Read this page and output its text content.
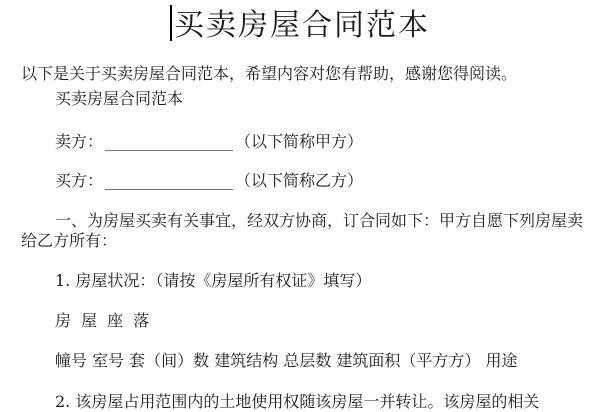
买卖房屋合同范本

以下是关于买卖房屋合同范本，希望内容对您有帮助，感谢您得阅读。

买卖房屋合同范本

卖方： ________________ （以下简称甲方）

买方： ________________ （以下简称乙方）

一、为房屋买卖有关事宜，经双方协商，订合同如下：甲方自愿下列房屋卖给乙方所有：

1. 房屋状况：（请按《房屋所有权证》填写）

房 屋 座 落

幢号 室号 套（间）数 建筑结构 总层数 建筑面积（平方方） 用途

2. 该房屋占用范围内的土地使用权随该房屋一并转让。该房屋的相关
